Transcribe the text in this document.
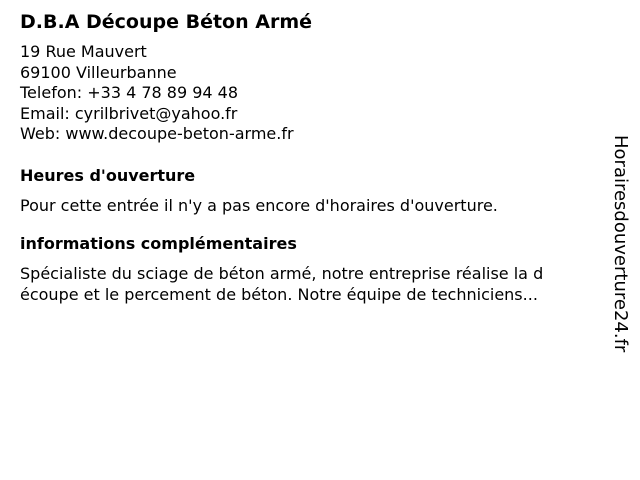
D.B.A Découpe Béton Armé
19 Rue Mauvert
69100 Villeurbanne
Telefon: +33 4 78 89 94 48
Email: cyrilbrivet@yahoo.fr
Web: www.decoupe-beton-arme.fr
Heures d'ouverture
Pour cette entrée il n'y a pas encore d'horaires d'ouverture.
informations complémentaires
Spécialiste du sciage de béton armé, notre entreprise réalise la d
écoupe et le percement de béton. Notre équipe de techniciens...	Horairesdouverture24.fr
